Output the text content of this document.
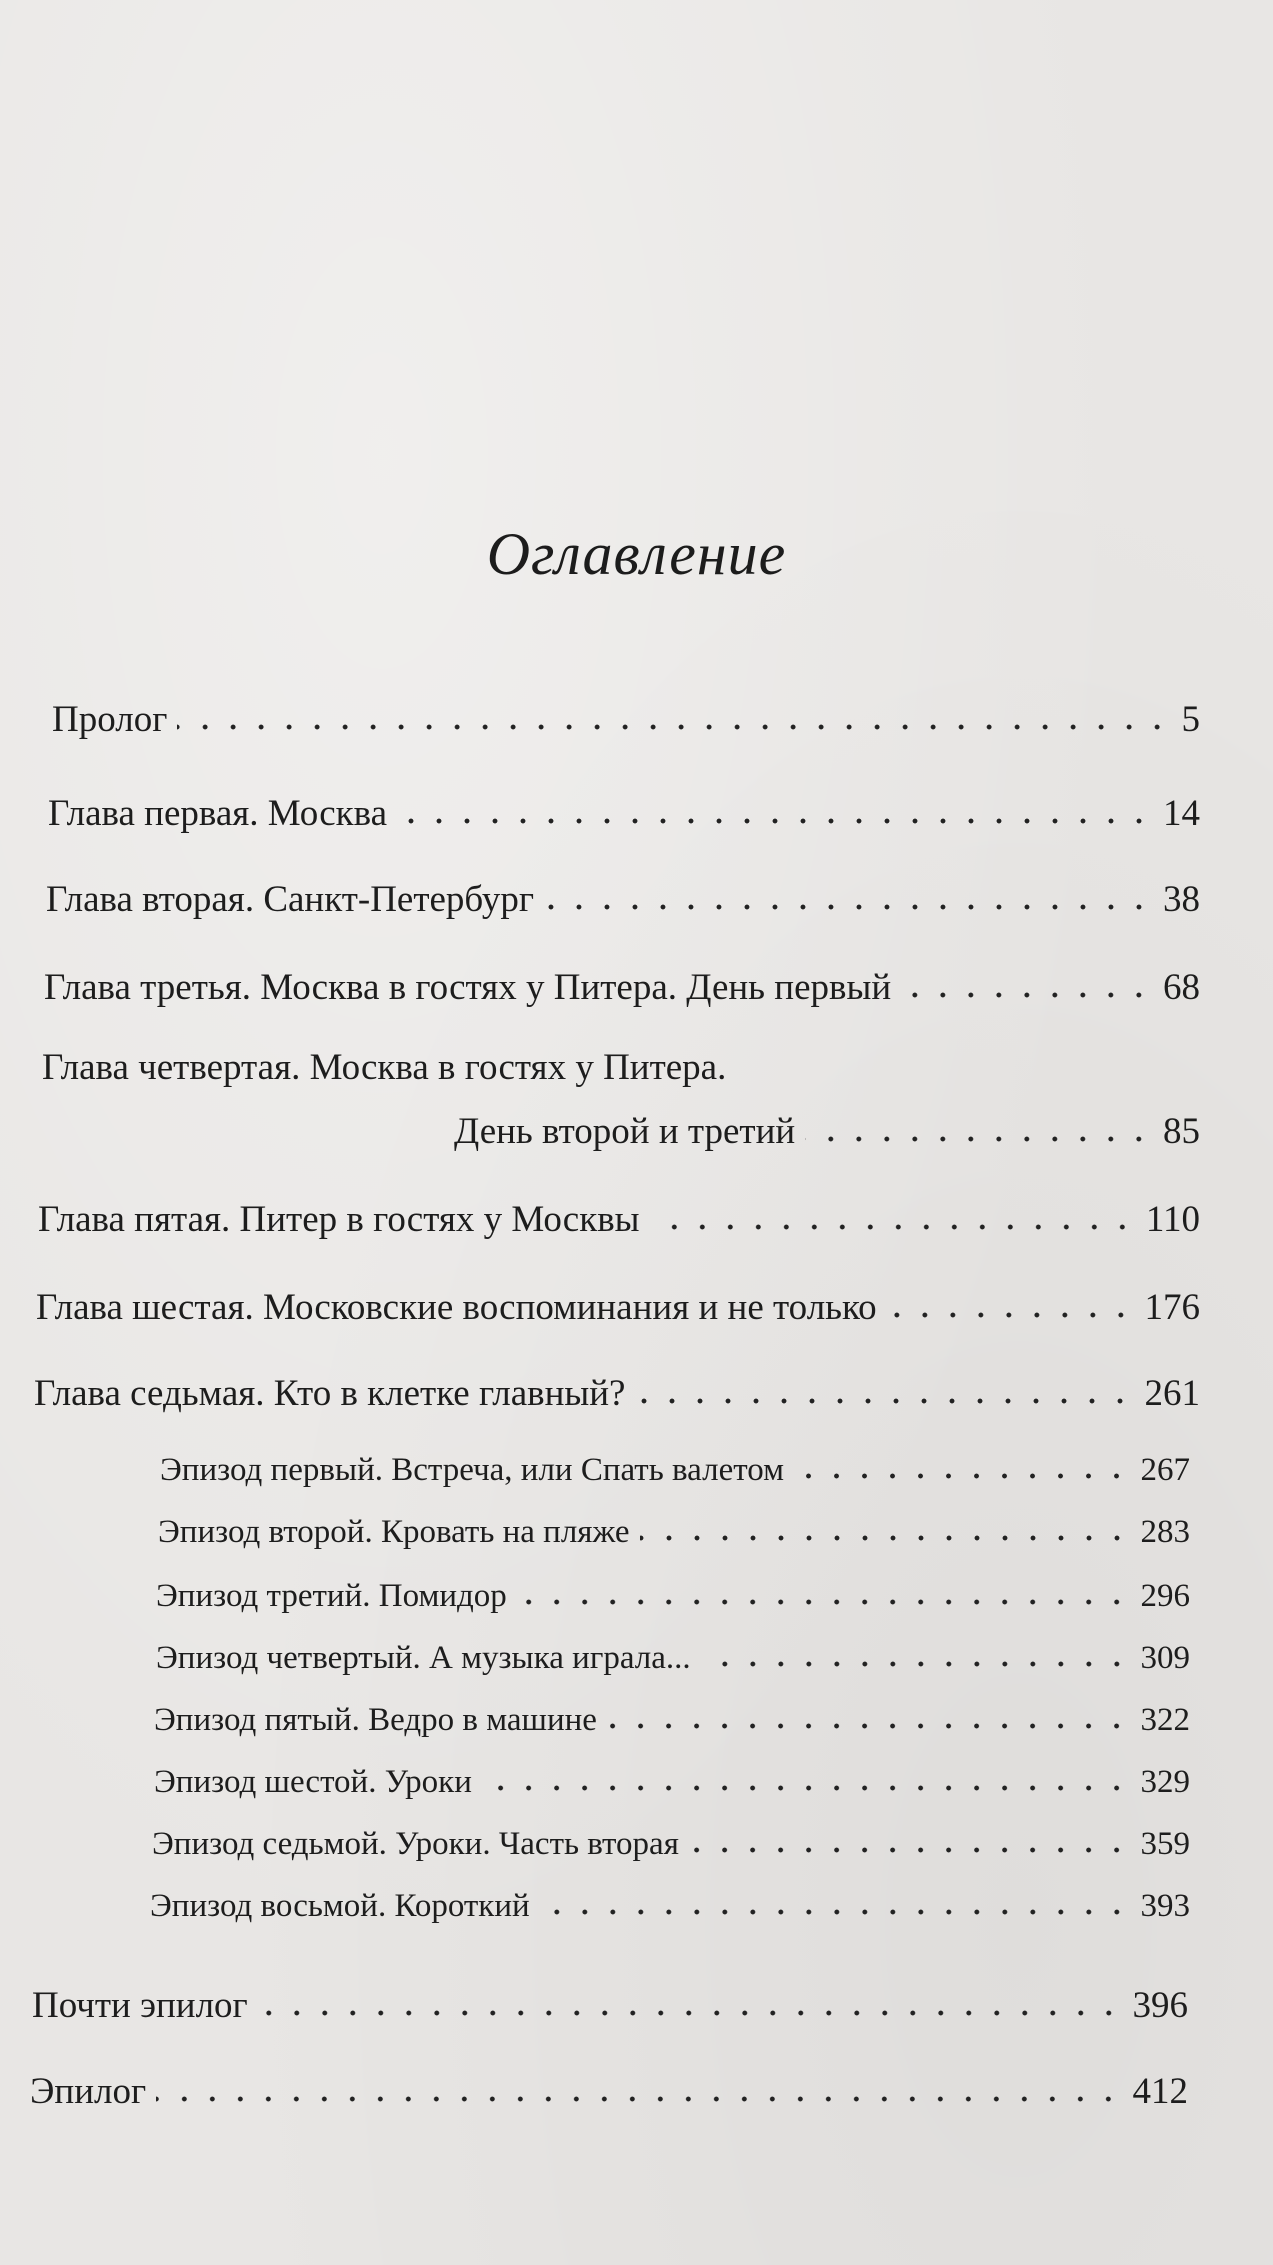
Оглавление
Пролог	5
Глава первая. Москва	14
Глава вторая. Санкт-Петербург	38
Глава третья. Москва в гостях у Питера. День первый	68
Глава четвертая. Москва в гостях у Питера.
День второй и третий	85
Глава пятая. Питер в гостях у Москвы	110
Глава шестая. Московские воспоминания и не только	176
Глава седьмая. Кто в клетке главный?	261
Эпизод первый. Встреча, или Спать валетом	267
Эпизод второй. Кровать на пляже	283
Эпизод третий. Помидор	296
Эпизод четвертый. А музыка играла...	309
Эпизод пятый. Ведро в машине	322
Эпизод шестой. Уроки	329
Эпизод седьмой. Уроки. Часть вторая	359
Эпизод восьмой. Короткий	393
Почти эпилог	396
Эпилог	412
